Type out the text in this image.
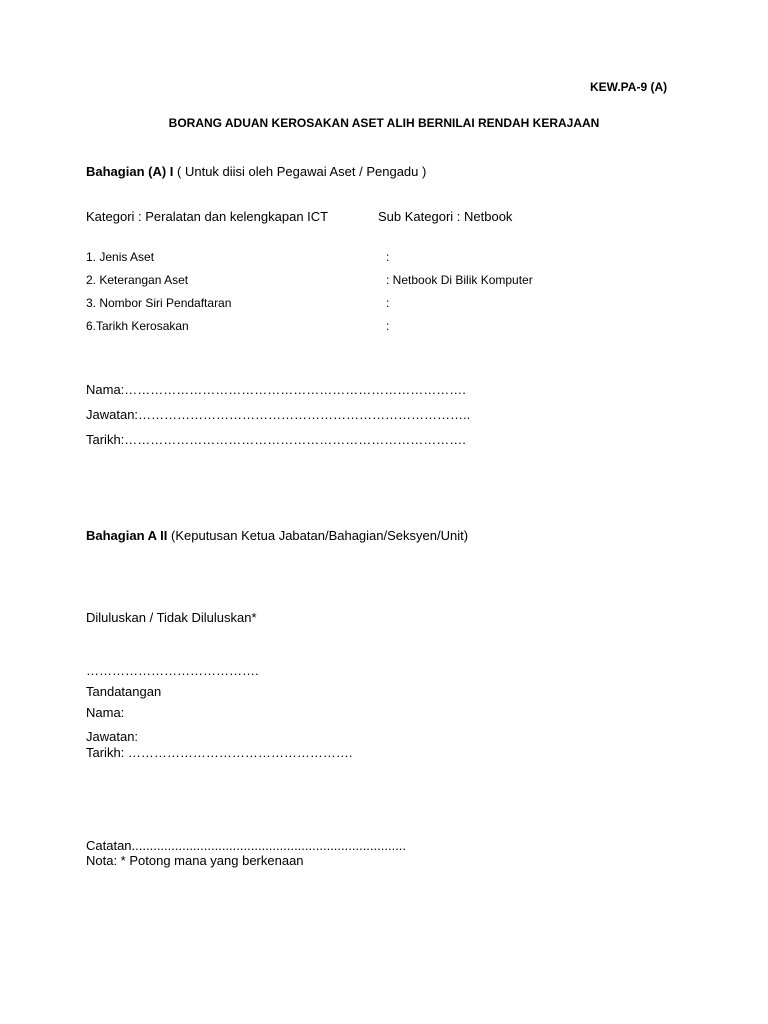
KEW.PA-9 (A)
BORANG ADUAN KEROSAKAN ASET ALIH BERNILAI RENDAH KERAJAAN
Bahagian (A) I ( Untuk diisi oleh Pegawai Aset / Pengadu )
Kategori : Peralatan dan kelengkapan ICT	Sub Kategori : Netbook
1. Jenis Aset	:
2. Keterangan Aset	: Netbook Di Bilik Komputer
3. Nombor Siri Pendaftaran	:
6.Tarikh Kerosakan	:
Nama:…………………………………………………………………….
Jawatan:…………………………………………………………………..
Tarikh:…………………………………………………………………….
Bahagian A II (Keputusan Ketua Jabatan/Bahagian/Seksyen/Unit)
Diluluskan / Tidak Diluluskan*
………………………………….
Tandatangan
Nama:
Jawatan:
Tarikh: …………………………………………….
Catatan............................................................................
Nota: * Potong mana yang berkenaan
